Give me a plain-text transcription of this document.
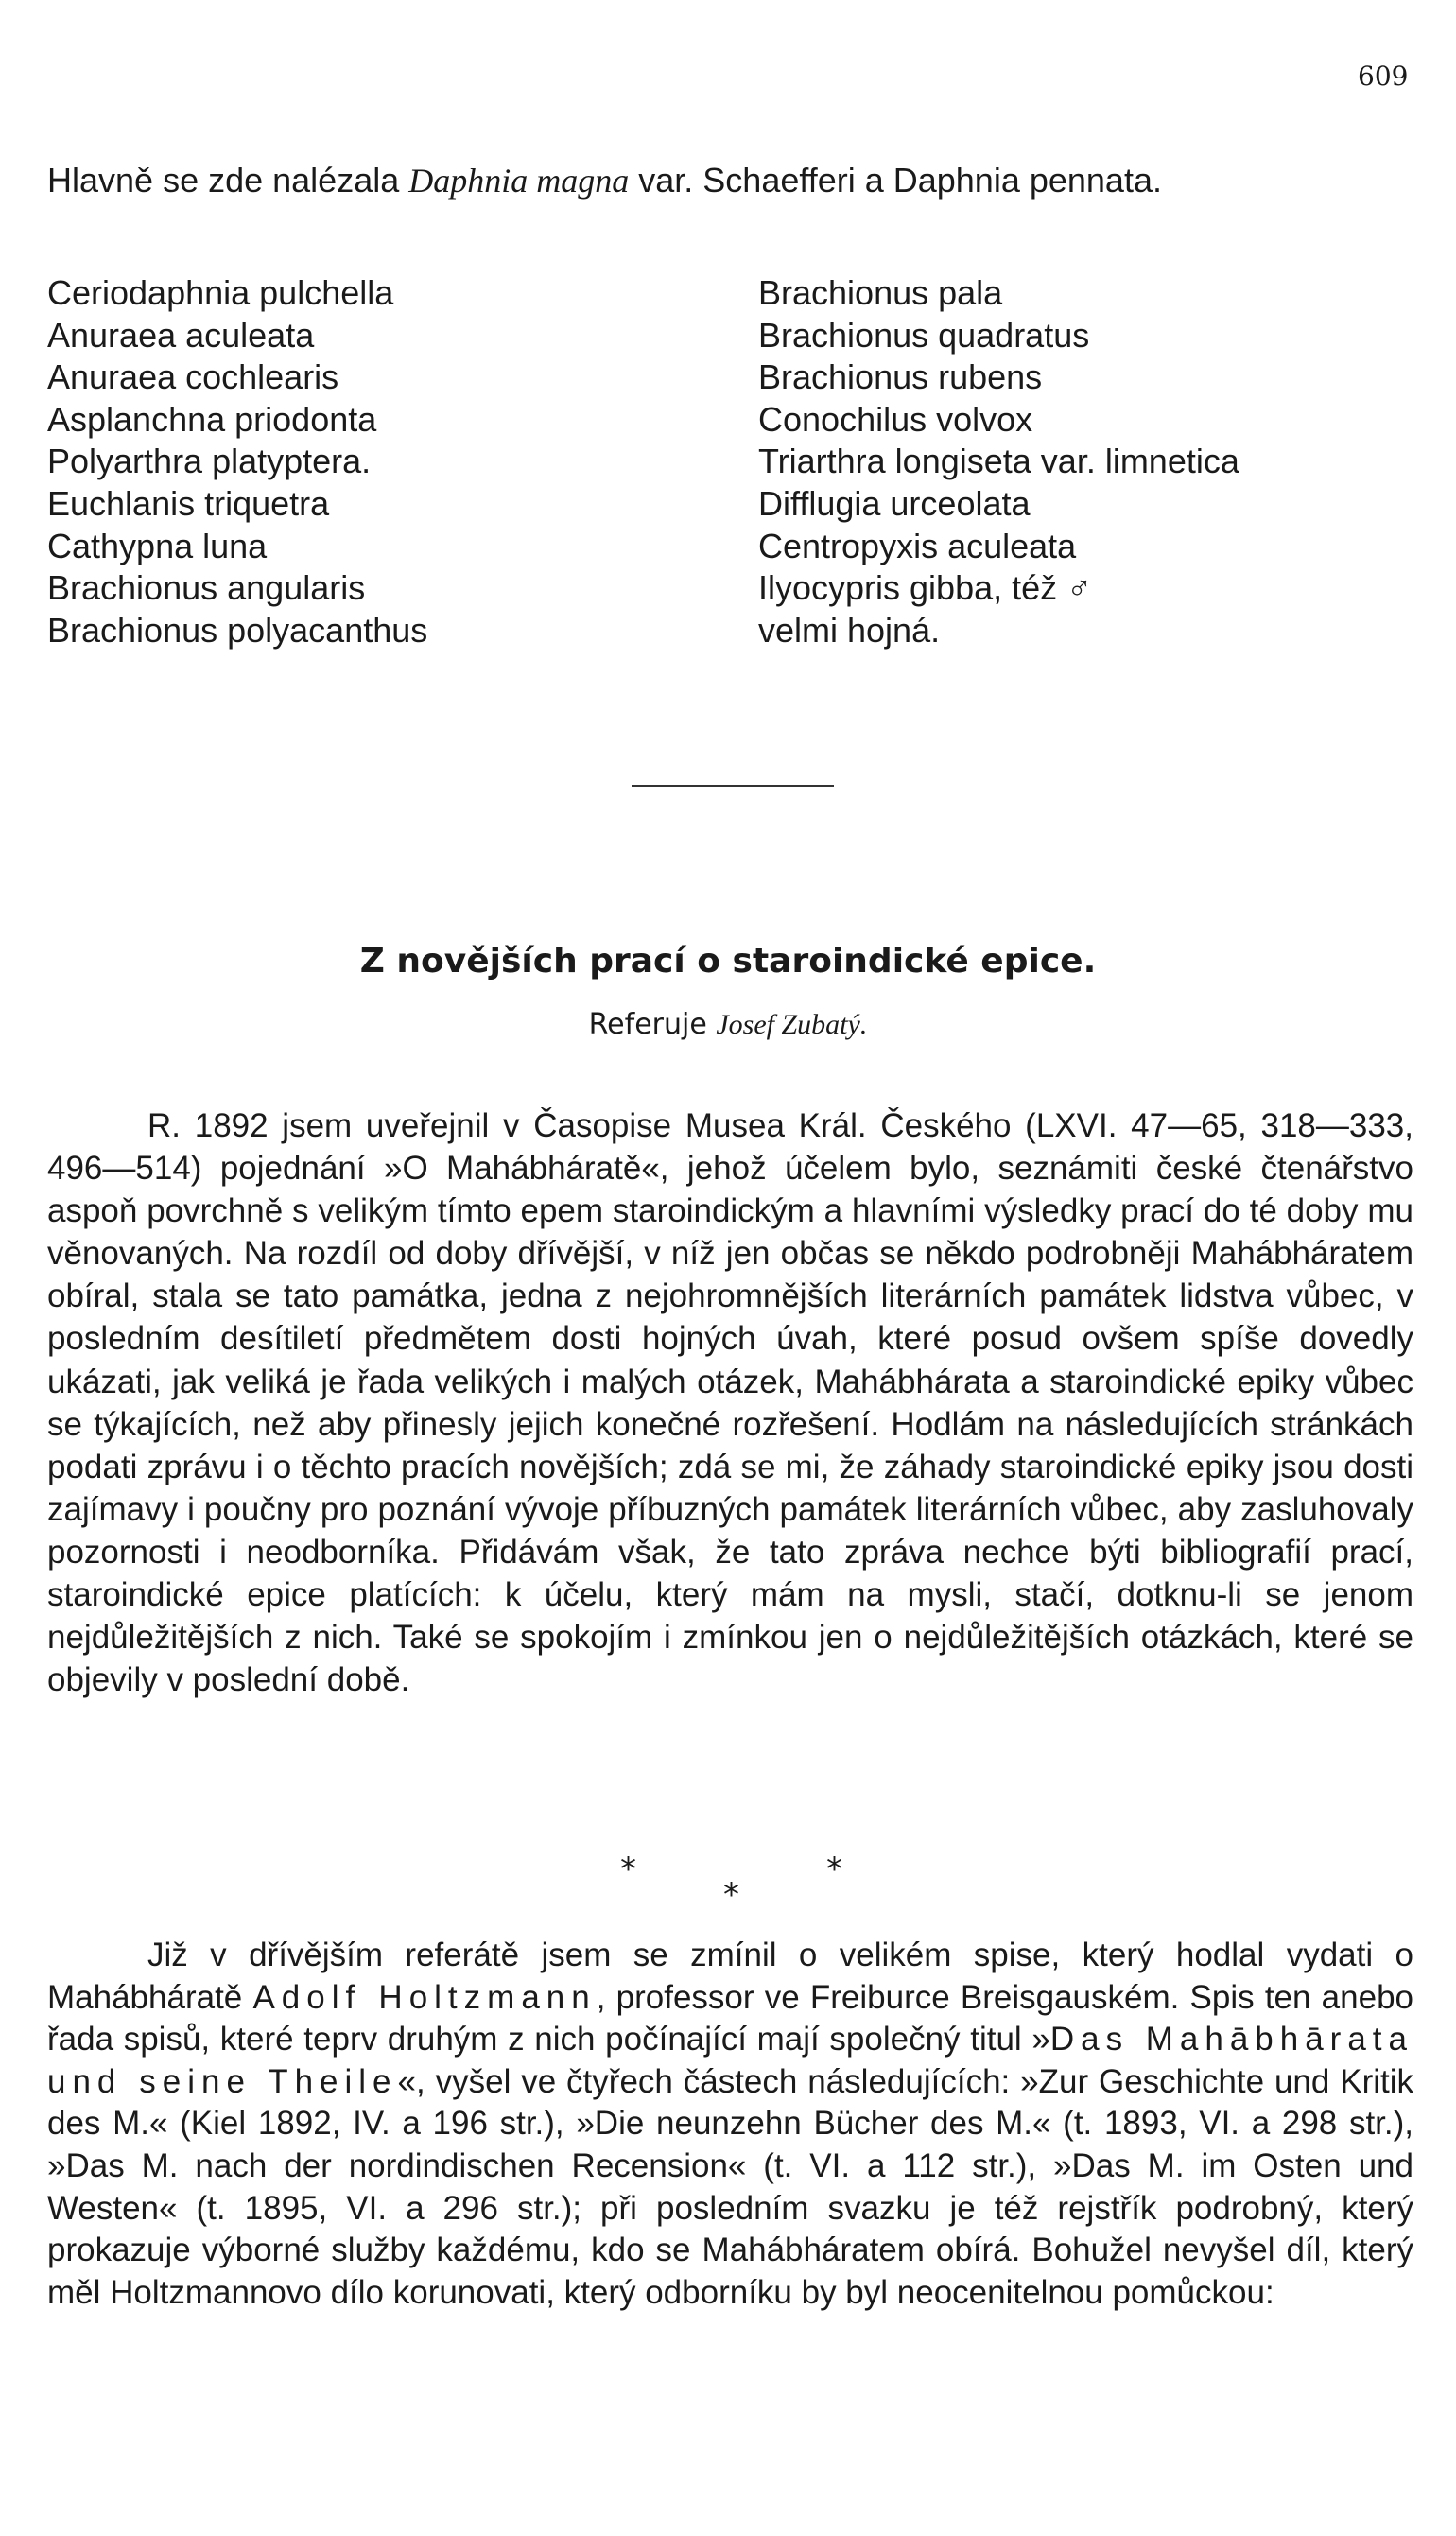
609

Hlavně se zde nalézala Daphnia magna var. Schaefferi a Daphnia pennata.

Ceriodaphnia pulchella
Anuraea aculeata
Anuraea cochlearis
Asplanchna priodonta
Polyarthra platyptera.
Euchlanis triquetra
Cathypna luna
Brachionus angularis
Brachionus polyacanthus
Brachionus pala
Brachionus quadratus
Brachionus rubens
Conochilus volvox
Triarthra longiseta var. limnetica
Difflugia urceolata
Centropyxis aculeata
Ilyocypris gibba, též ♂
velmi hojná.
Z novějších prací o staroindické epice.
Referuje Josef Zubatý.

R. 1892 jsem uveřejnil v Časopise Musea Král. Českého (LXVI. 47—65, 318—333, 496—514) pojednání »O Mahábháratě«, jehož účelem bylo, seznámiti české čtenářstvo aspoň povrchně s velikým tímto epem staroindickým a hlavními výsledky prací do té doby mu věnovaných. Na rozdíl od doby dřívější, v níž jen občas se někdo podrobněji Mahábháratem obíral, stala se tato památka, jedna z nejohromnějších literárních památek lidstva vůbec, v posledním desítiletí předmětem dosti hojných úvah, které posud ovšem spíše dovedly ukázati, jak veliká je řada velikých i malých otázek, Mahábhárata a staroindické epiky vůbec se týkajících, než aby přinesly jejich konečné rozřešení. Hodlám na následujících stránkách podati zprávu i o těchto pracích novějších; zdá se mi, že záhady staroindické epiky jsou dosti zajímavy i poučny pro poznání vývoje příbuzných památek literárních vůbec, aby zasluhovaly pozornosti i neodborníka. Přidávám však, že tato zpráva nechce býti bibliografií prací, staroindické epice platících: k účelu, který mám na mysli, stačí, dotknu-li se jenom nejdůležitějších z nich. Také se spokojím i zmínkou jen o nejdůležitějších otázkách, které se objevily v poslední době.

*	*
*

Již v dřívějším referátě jsem se zmínil o velikém spise, který hodlal vydati o Mahábháratě Adolf Holtzmann, professor ve Freiburce Breisgauském. Spis ten anebo řada spisů, které teprv druhým z nich počínající mají společný titul »Das Mahābhārata und seine Theile«, vyšel ve čtyřech částech následujících: »Zur Geschichte und Kritik des M.« (Kiel 1892, IV. a 196 str.), »Die neunzehn Bücher des M.« (t. 1893, VI. a 298 str.), »Das M. nach der nordindischen Recension« (t. VI. a 112 str.), »Das M. im Osten und Westen« (t. 1895, VI. a 296 str.); při posledním svazku je též rejstřík podrobný, který prokazuje výborné služby každému, kdo se Mahábháratem obírá. Bohužel nevyšel díl, který měl Holtzmannovo dílo korunovati, který odborníku by byl neocenitelnou pomůckou:
